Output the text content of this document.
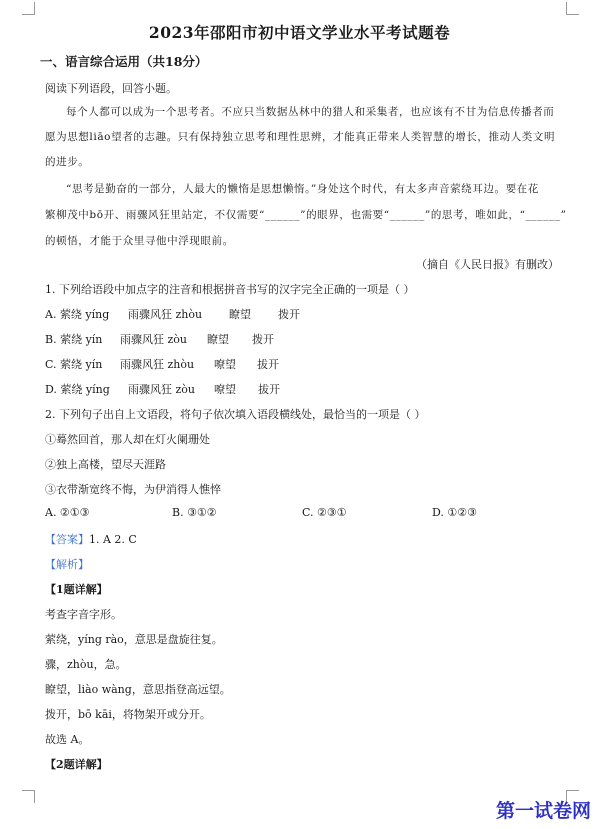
2023年邵阳市初中语文学业水平考试题卷
一、语言综合运用（共18分）
阅读下列语段，回答小题。
每个人都可以成为一个思考者。不应只当数据丛林中的猎人和采集者，也应该有不甘为信息传播者而
愿为思想liāo望者的志趣。只有保持独立思考和理性思辨，才能真正带来人类智慧的增长，推动人类文明
的进步。
“思考是勤奋的一部分，人最大的懒惰是思想懒惰。”身处这个时代，有太多声音萦绕耳边。要在花
繁柳茂中bō开、雨骤风狂里站定，不仅需要“______”的眼界，也需要“______”的思考，唯如此，“______”
的顿悟，才能于众里寻他中浮现眼前。
（摘自《人民日报》有删改）
1. 下列给语段中加点字的注音和根据拼音书写的汉字完全正确的一项是（ ）
A. 萦绕 yíng 雨骤风狂 zhòu 瞭望 拨开
B. 萦绕 yín 雨骤风狂 zòu 瞭望 拨开
C. 萦绕 yín 雨骤风狂 zhòu 嘹望 拔开
D. 萦绕 yíng 雨骤风狂 zòu 嘹望 拔开
2. 下列句子出自上文语段，将句子依次填入语段横线处，最恰当的一项是（ ）
①蓦然回首，那人却在灯火阑珊处
②独上高楼，望尽天涯路
③衣带渐宽终不悔，为伊消得人憔悴
A. ②①③	B. ③①②	C. ②③①	D. ①②③
【答案】1. A 2. C
【解析】
【1题详解】
考查字音字形。
萦绕，yíng rào，意思是盘旋往复。
骤，zhòu，急。
瞭望，liào wàng，意思指登高远望。
拨开，bō kāi，将物架开或分开。
故选 A。
【2题详解】
第一试卷网
